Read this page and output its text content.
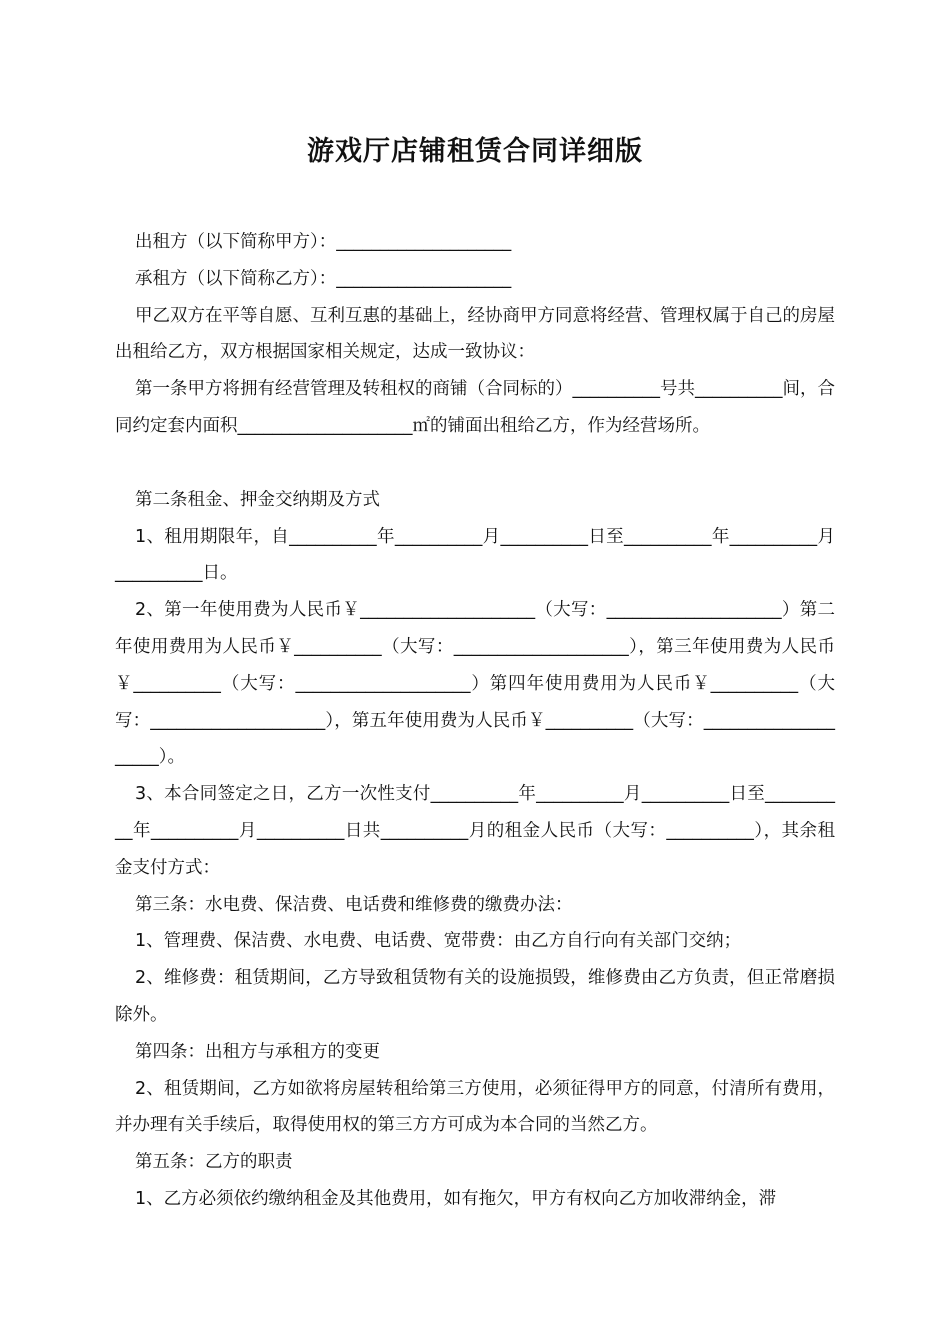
游戏厅店铺租赁合同详细版

出租方（以下简称甲方）：____________________

承租方（以下简称乙方）：____________________

甲乙双方在平等自愿、互利互惠的基础上，经协商甲方同意将经营、管理权属于自己的房屋出租给乙方，双方根据国家相关规定，达成一致协议：

第一条甲方将拥有经营管理及转租权的商铺（合同标的）__________号共__________间，合同约定套内面积____________________㎡的铺面出租给乙方，作为经营场所。

第二条租金、押金交纳期及方式

1、租用期限年，自__________年__________月__________日至__________年__________月__________日。

2、第一年使用费为人民币￥____________________（大写：____________________）第二年使用费用为人民币￥__________（大写：____________________），第三年使用费为人民币￥__________（大写：____________________）第四年使用费用为人民币￥__________（大写：____________________），第五年使用费为人民币￥__________（大写：____________________）。

3、本合同签定之日，乙方一次性支付__________年__________月__________日至__________年__________月__________日共__________月的租金人民币（大写：__________），其余租金支付方式：

第三条：水电费、保洁费、电话费和维修费的缴费办法：

1、管理费、保洁费、水电费、电话费、宽带费：由乙方自行向有关部门交纳；

2、维修费：租赁期间，乙方导致租赁物有关的设施损毁，维修费由乙方负责，但正常磨损除外。

第四条：出租方与承租方的变更

2、租赁期间，乙方如欲将房屋转租给第三方使用，必须征得甲方的同意，付清所有费用，并办理有关手续后，取得使用权的第三方方可成为本合同的当然乙方。

第五条：乙方的职责

1、乙方必须依约缴纳租金及其他费用，如有拖欠，甲方有权向乙方加收滞纳金，滞
